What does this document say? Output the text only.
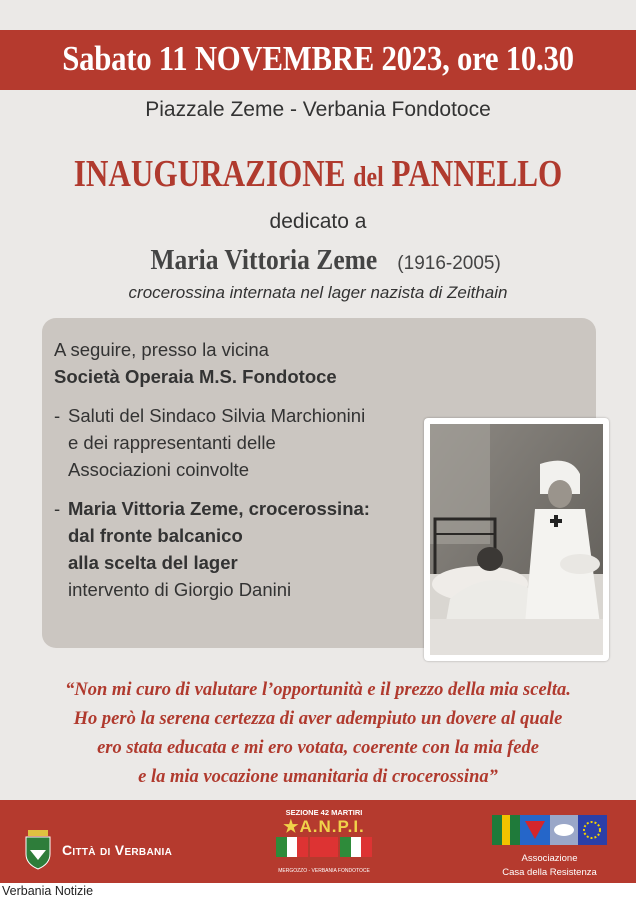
Sabato 11 NOVEMBRE 2023, ore 10.30
Piazzale Zeme - Verbania Fondotoce
INAUGURAZIONE del PANNELLO
dedicato a
Maria Vittoria Zeme (1916-2005)
crocerossina internata nel lager nazista di Zeithain
A seguire, presso la vicina
Società Operaia M.S. Fondotoce
- Saluti del Sindaco Silvia Marchionini
e dei rappresentanti delle
Associazioni coinvolte
- Maria Vittoria Zeme, crocerossina:
dal fronte balcanico
alla scelta del lager
intervento di Giorgio Danini
“Non mi curo di valutare l’opportunità e il prezzo della mia scelta.
Ho però la serena certezza di aver adempiuto un dovere al quale
ero stata educata e mi ero votata, coerente con la mia fede
e la mia vocazione umanitaria di crocerossina”
Città di Verbania
SEZIONE 42 MARTIRI
★A.N.P.I.
MERGOZZO - VERBANIA FONDOTOCE
Associazione
Casa della Resistenza
Verbania Notizie
